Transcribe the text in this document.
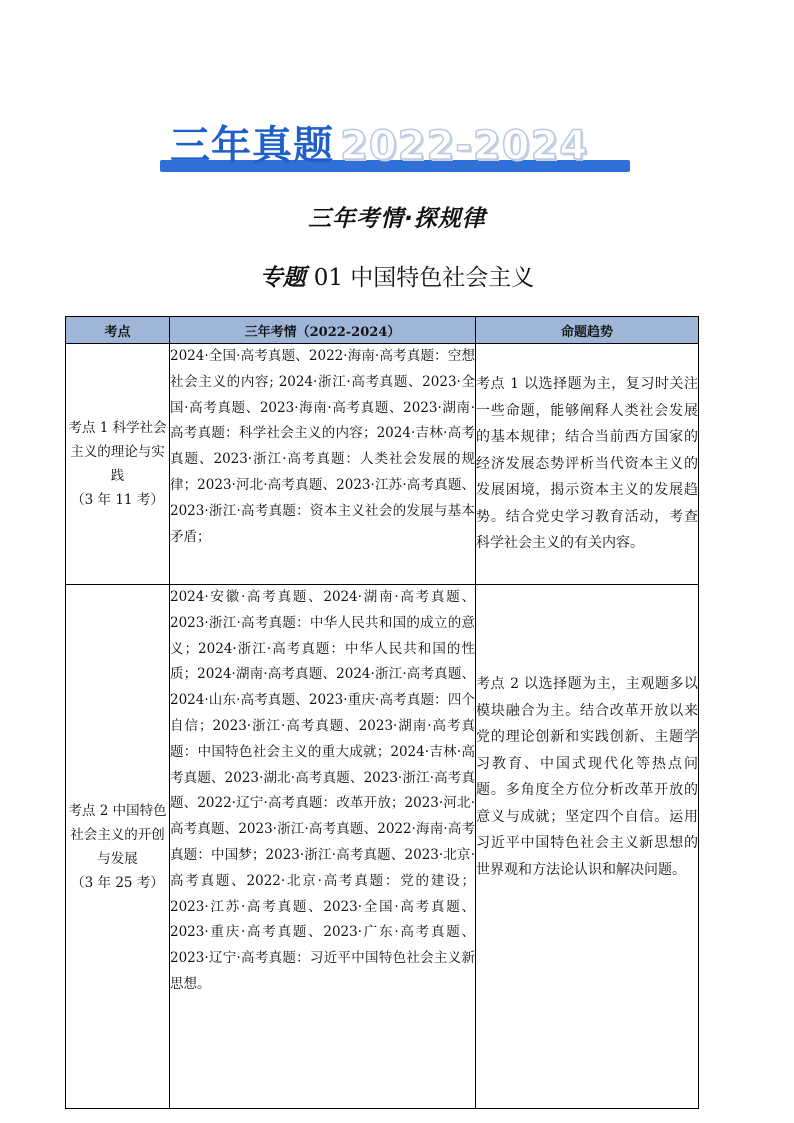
三年真题 2022-2024
三年考情·探规律
专题 01 中国特色社会主义
考点	三年考情（2022-2024）	命题趋势

考点 1 科学社会主义的理论与实践
（3 年 11 考）	2024·全国·高考真题、2022·海南·高考真题：空想社会主义的内容; 2024·浙江·高考真题、2023·全国·高考真题、2023·海南·高考真题、2023·湖南·高考真题：科学社会主义的内容；2024·吉林·高考真题、2023·浙江·高考真题：人类社会发展的规律；2023·河北·高考真题、2023·江苏·高考真题、2023·浙江·高考真题：资本主义社会的发展与基本矛盾；	考点 1 以选择题为主，复习时关注一些命题，能够阐释人类社会发展的基本规律；结合当前西方国家的经济发展态势评析当代资本主义的发展困境，揭示资本主义的发展趋势。结合党史学习教育活动，考查科学社会主义的有关内容。

考点 2 中国特色社会主义的开创与发展
（3 年 25 考）	2024·安徽·高考真题、2024·湖南·高考真题、2023·浙江·高考真题：中华人民共和国的成立的意义；2024·浙江·高考真题：中华人民共和国的性质；2024·湖南·高考真题、2024·浙江·高考真题、2024·山东·高考真题、2023·重庆·高考真题：四个自信；2023·浙江·高考真题、2023·湖南·高考真题：中国特色社会主义的重大成就；2024·吉林·高考真题、2023·湖北·高考真题、2023·浙江·高考真题、2022·辽宁·高考真题：改革开放；2023·河北·高考真题、2023·浙江·高考真题、2022·海南·高考真题：中国梦；2023·浙江·高考真题、2023·北京·高考真题、2022·北京·高考真题：党的建设；2023·江苏·高考真题、2023·全国·高考真题、2023·重庆·高考真题、2023·广东·高考真题、2023·辽宁·高考真题：习近平中国特色社会主义新思想。	考点 2 以选择题为主，主观题多以模块融合为主。结合改革开放以来党的理论创新和实践创新、主题学习教育、中国式现代化等热点问题。多角度全方位分析改革开放的意义与成就；坚定四个自信。运用习近平中国特色社会主义新思想的世界观和方法论认识和解决问题。
